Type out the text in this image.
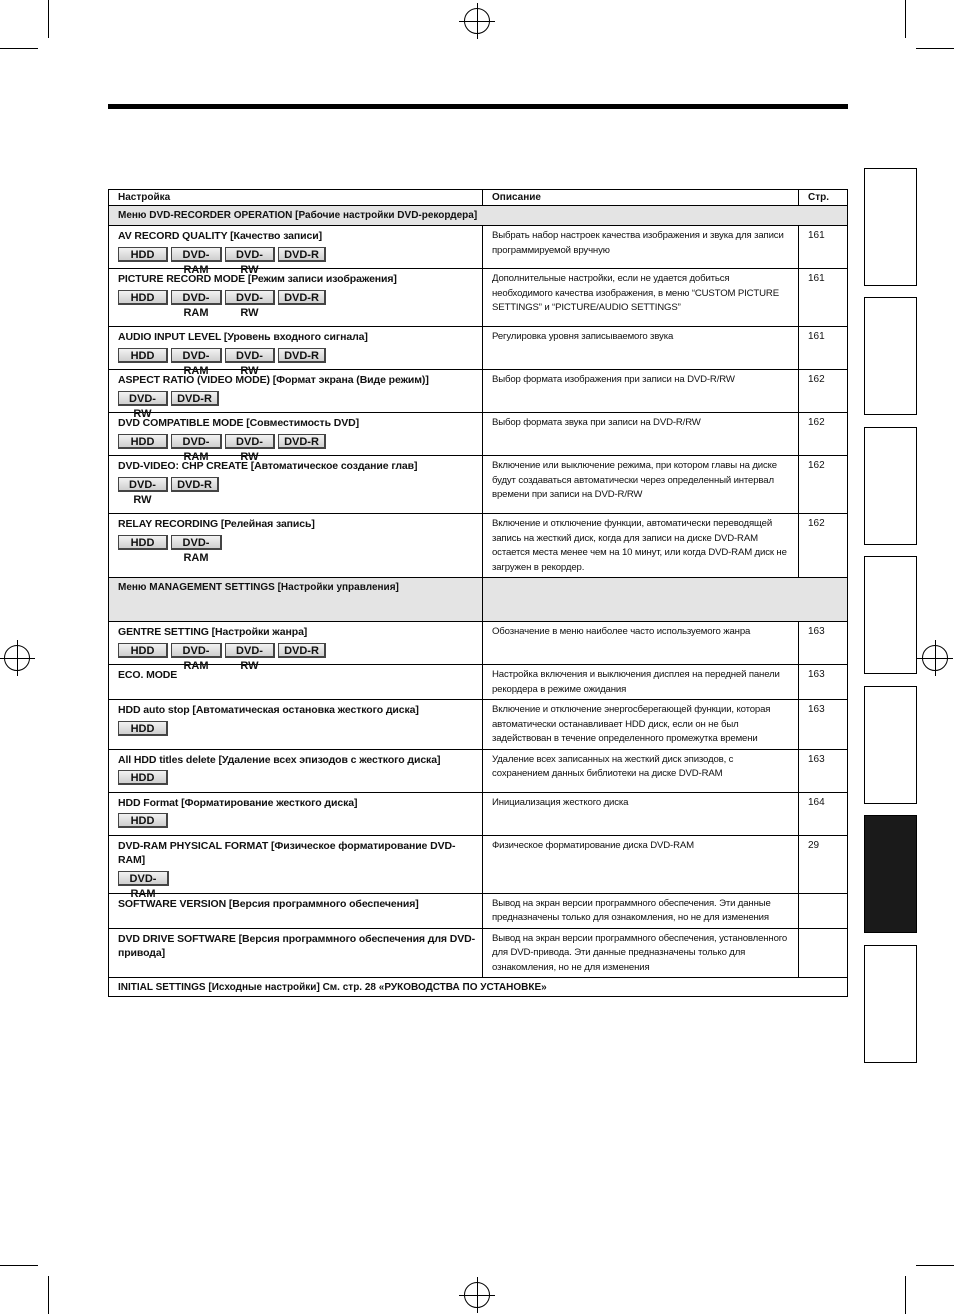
Настройка	Описание	Стр.
Меню DVD-RECORDER OPERATION [Рабочие настройки DVD-рекордера]		

AV RECORD QUALITY [Качество записи]
HDD DVD-RAM
DVD-RW
DVD-R	Выбрать набор настроек качества изображения и звука для записи программируемой вручную	161

PICTURE RECORD MODE [Режим записи изображения]
HDD DVD-RAM
DVD-RW
DVD-R	Дополнительные настройки, если не удается добиться необходимого качества изображения, в меню “CUSTOM PICTURE SETTINGS” и “PICTURE/AUDIO SETTINGS”	161

AUDIO INPUT LEVEL [Уровень входного сигнала]
HDD DVD-RAM
DVD-RW
DVD-R	Регулировка уровня записываемого звука	161

ASPECT RATIO (VIDEO MODE) [Формат экрана (Виде режим)]
DVD-RW
DVD-R	Выбор формата изображения при записи на DVD-R/RW	162

DVD COMPATIBLE MODE [Совместимость DVD]
HDD DVD-RAM
DVD-RW
DVD-R	Выбор формата звука при записи на DVD-R/RW	162

DVD-VIDEO: CHP CREATE [Автоматическое создание глав]
DVD-RW
DVD-R	Включение или выключение режима, при котором главы на диске будут создаваться автоматически через определенный интервал времени при записи на DVD-R/RW	162

RELAY RECORDING [Релейная запись]
HDD DVD-RAM	Включение и отключение функции, автоматически переводящей запись на жесткий диск, когда для записи на диске DVD-RAM остается места менее чем на 10 минут, или когда DVD-RAM диск не загружен в рекордер.	162
Меню MANAGEMENT SETTINGS [Настройки управления]		

GENTRE SETTING [Настройки жанра]
HDD DVD-RAM
DVD-RW
DVD-R	Обозначение в меню наиболее часто используемого жанра	163

ECO. MODE	Настройка включения и выключения дисплея на передней панели рекордера в режиме ожидания	163

HDD auto stop [Автоматическая остановка жесткого диска]
HDD	Включение и отключение энергосберегающей функции, которая автоматически останавливает HDD диск, если он не был задействован в течение определенного промежутка времени	163

All HDD titles delete [Удаление всех эпизодов с жесткого диска]
HDD	Удаление всех записанных на жесткий диск эпизодов, с сохранением данных библиотеки на диске DVD-RAM	163

HDD Format [Форматирование жесткого диска]
HDD	Инициализация жесткого диска	164

DVD-RAM PHYSICAL FORMAT [Физическое форматирование DVD-RAM]
DVD-RAM	Физическое форматирование диска DVD-RAM	29

SOFTWARE VERSION [Версия программного обеспечения]	Вывод на экран версии программного обеспечения. Эти данные предназначены только для ознакомления, но не для изменения	

DVD DRIVE SOFTWARE [Версия программного обеспечения для DVD-привода]	Вывод на экран версии программного обеспечения, установленного для DVD-привода. Эти данные предназначены только для ознакомления, но не для изменения	
INITIAL SETTINGS [Исходные настройки] См. стр. 28 «РУКОВОДСТВА ПО УСТАНОВКЕ»		
